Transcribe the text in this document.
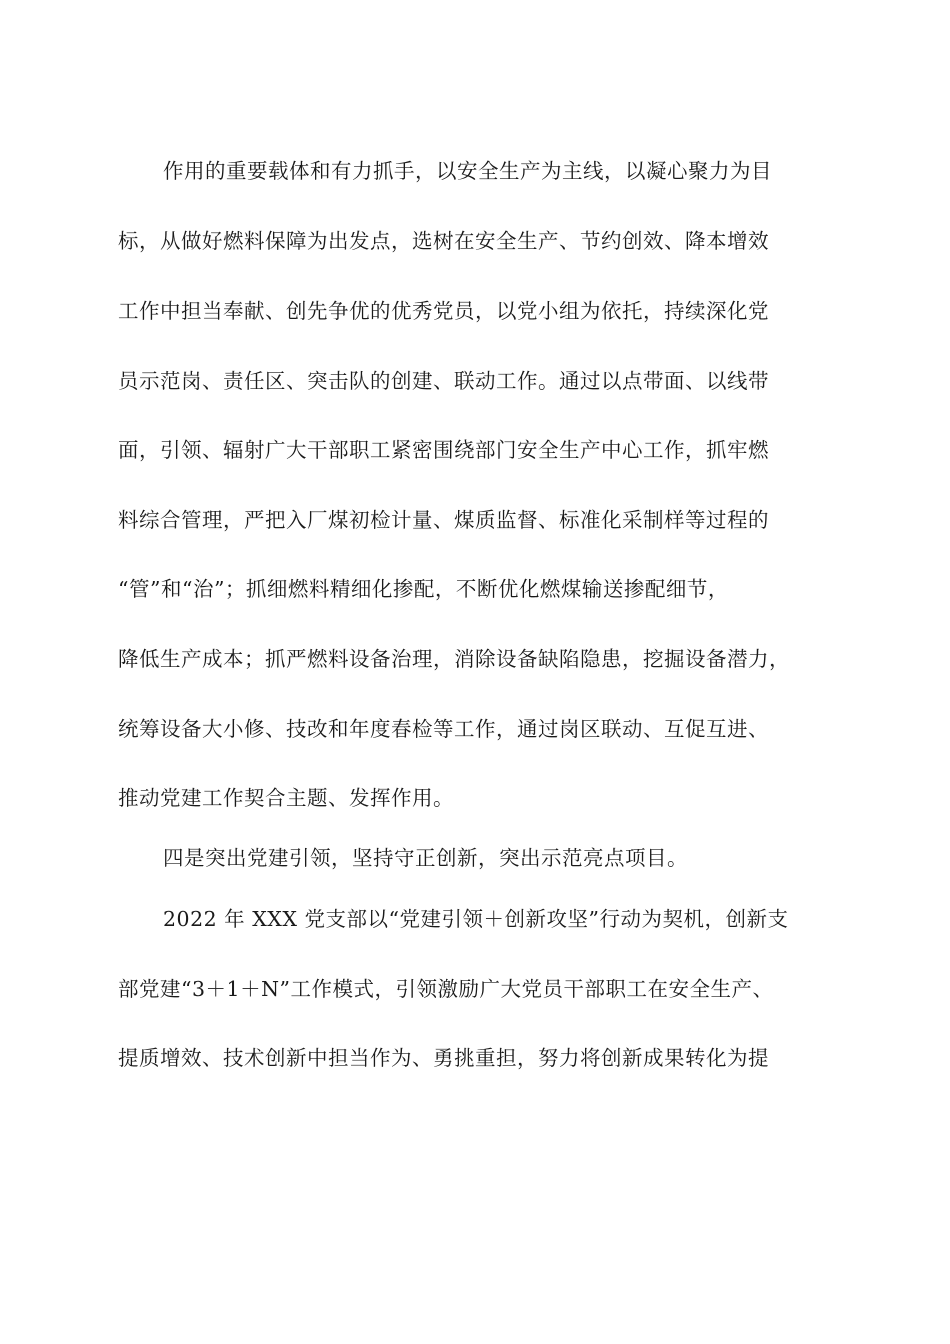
作用的重要载体和有力抓手，以安全生产为主线，以凝心聚力为目
标，从做好燃料保障为出发点，选树在安全生产、节约创效、降本增效
工作中担当奉献、创先争优的优秀党员，以党小组为依托，持续深化党
员示范岗、责任区、突击队的创建、联动工作。通过以点带面、以线带
面，引领、辐射广大干部职工紧密围绕部门安全生产中心工作，抓牢燃
料综合管理，严把入厂煤初检计量、煤质监督、标准化采制样等过程的
“管”和“治”；抓细燃料精细化掺配，不断优化燃煤输送掺配细节，
降低生产成本；抓严燃料设备治理，消除设备缺陷隐患，挖掘设备潜力，
统筹设备大小修、技改和年度春检等工作，通过岗区联动、互促互进、
推动党建工作契合主题、发挥作用。
四是突出党建引领，坚持守正创新，突出示范亮点项目。
2022 年 XXX 党支部以“党建引领＋创新攻坚”行动为契机，创新支
部党建“3＋1＋N”工作模式，引领激励广大党员干部职工在安全生产、
提质增效、技术创新中担当作为、勇挑重担，努力将创新成果转化为提
